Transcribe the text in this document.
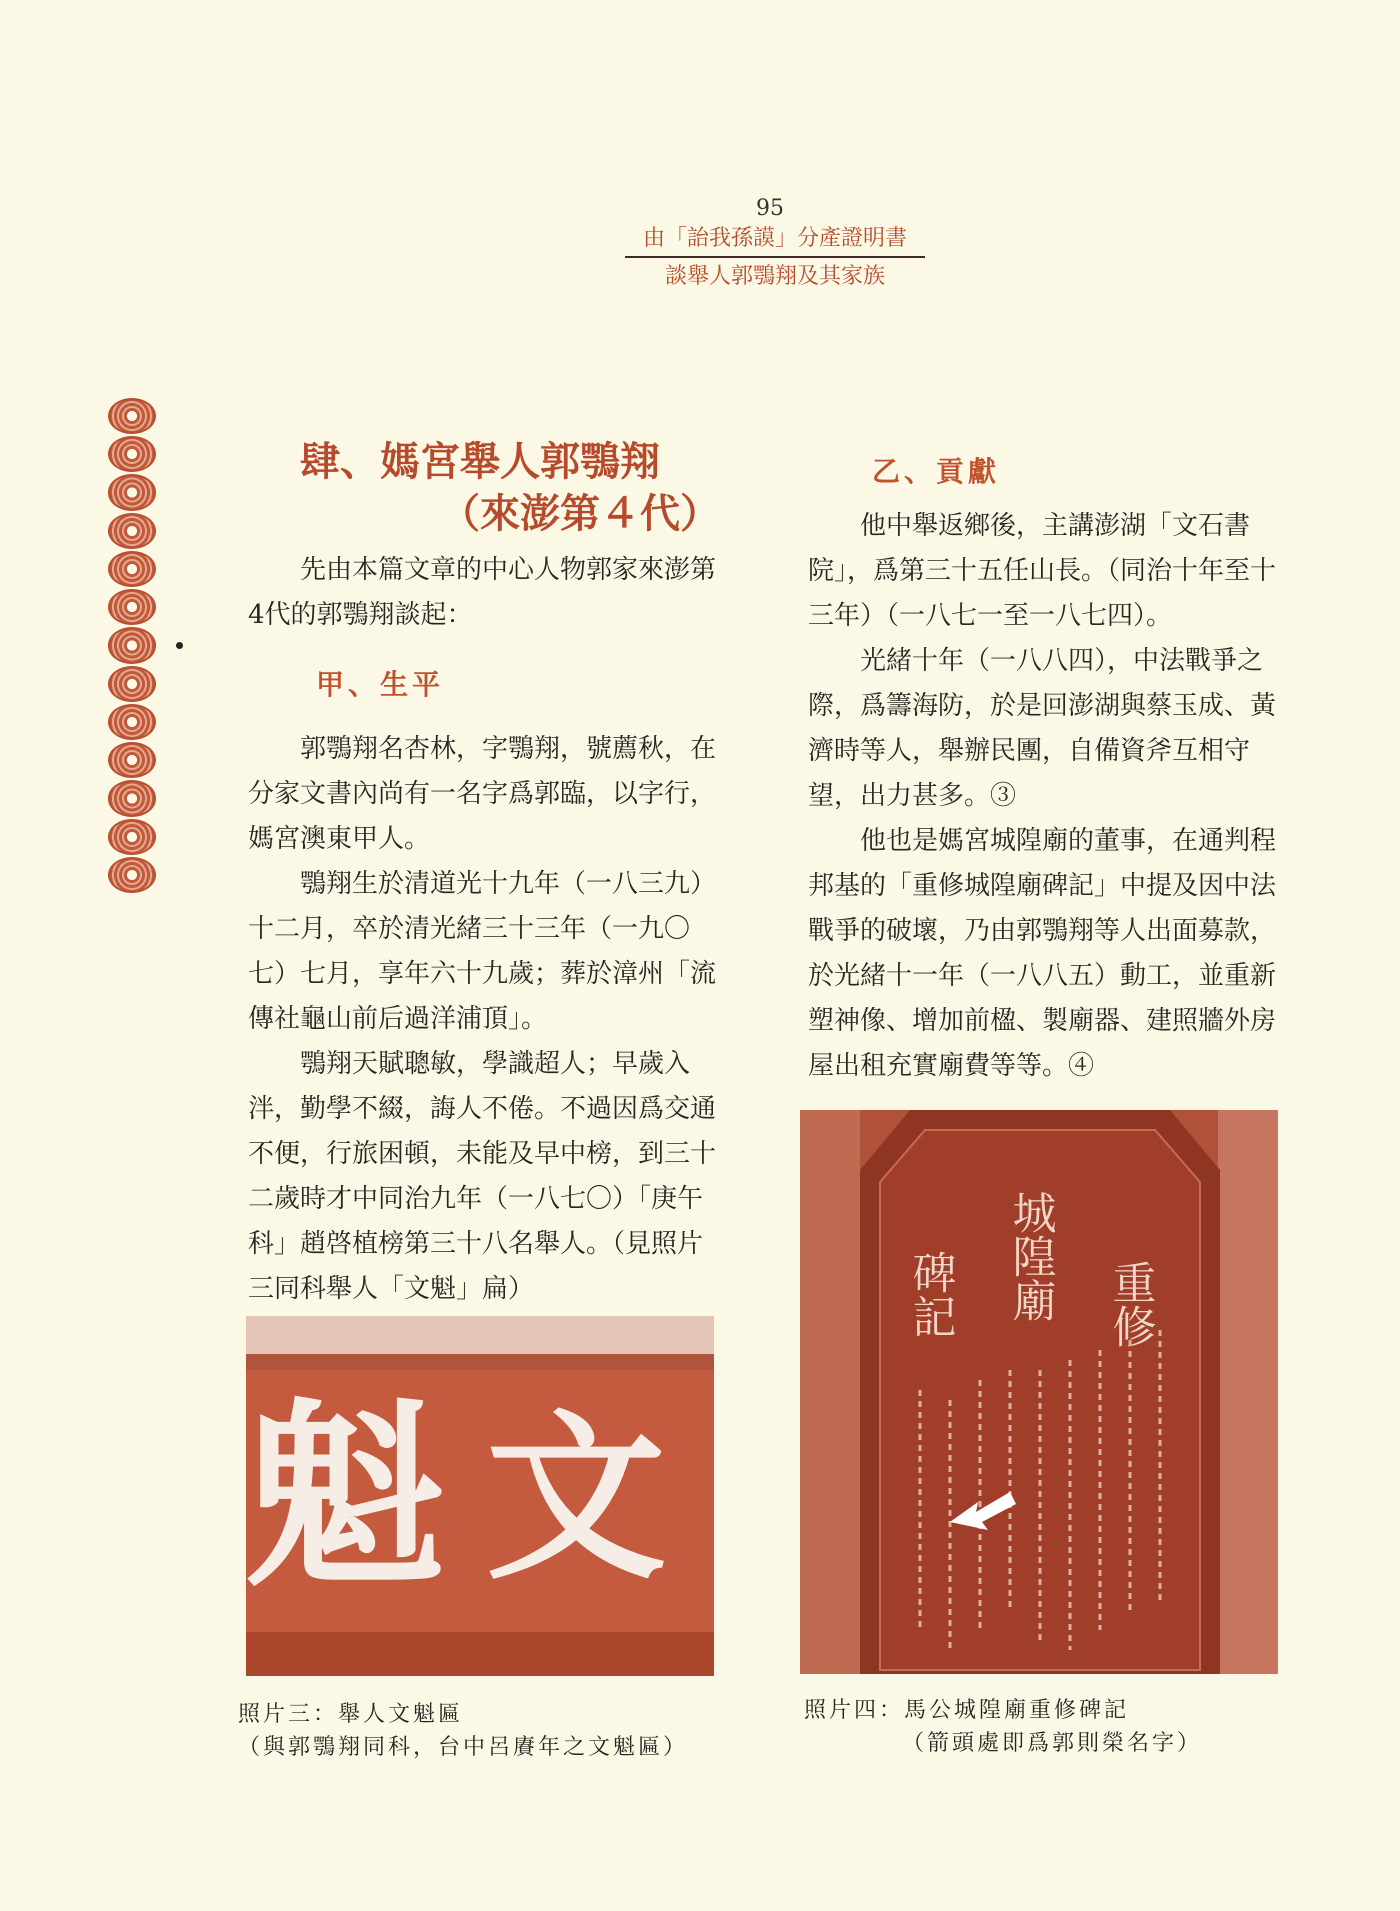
95
由「詒我孫謨」分產證明書
談舉人郭鶚翔及其家族
肆、媽宮舉人郭鶚翔
（來澎第４代）

先由本篇文章的中心人物郭家來澎第4代的郭鶚翔談起：

甲、生平

郭鶚翔名杏林，字鶚翔，號薦秋，在分家文書內尚有一名字爲郭臨，以字行，媽宮澳東甲人。

鶚翔生於清道光十九年（一八三九）十二月，卒於清光緒三十三年（一九〇七）七月，享年六十九歲；葬於漳州「流傳社龜山前后過洋浦頂」。

鶚翔天賦聰敏，學識超人；早歲入泮，勤學不綴，誨人不倦。不過因爲交通不便，行旅困頓，未能及早中榜，到三十二歲時才中同治九年（一八七〇）「庚午科」趙啓植榜第三十八名舉人。（見照片三同科舉人「文魁」扁）

乙、貢獻

他中舉返鄉後，主講澎湖「文石書院」，爲第三十五任山長。（同治十年至十三年）（一八七一至一八七四）。

光緒十年（一八八四），中法戰爭之際，爲籌海防，於是回澎湖與蔡玉成、黃濟時等人，舉辦民團，自備資斧互相守望，出力甚多。③

他也是媽宮城隍廟的董事，在通判程邦基的「重修城隍廟碑記」中提及因中法戰爭的破壞，乃由郭鶚翔等人出面募款，於光緒十一年（一八八五）動工，並重新塑神像、增加前楹、製廟器、建照牆外房屋出租充實廟費等等。④

文
魁
重修
城隍廟
碑記
照片三：舉人文魁匾
（與郭鶚翔同科，台中呂賡年之文魁匾）
照片四：馬公城隍廟重修碑記
（箭頭處即爲郭則榮名字）
